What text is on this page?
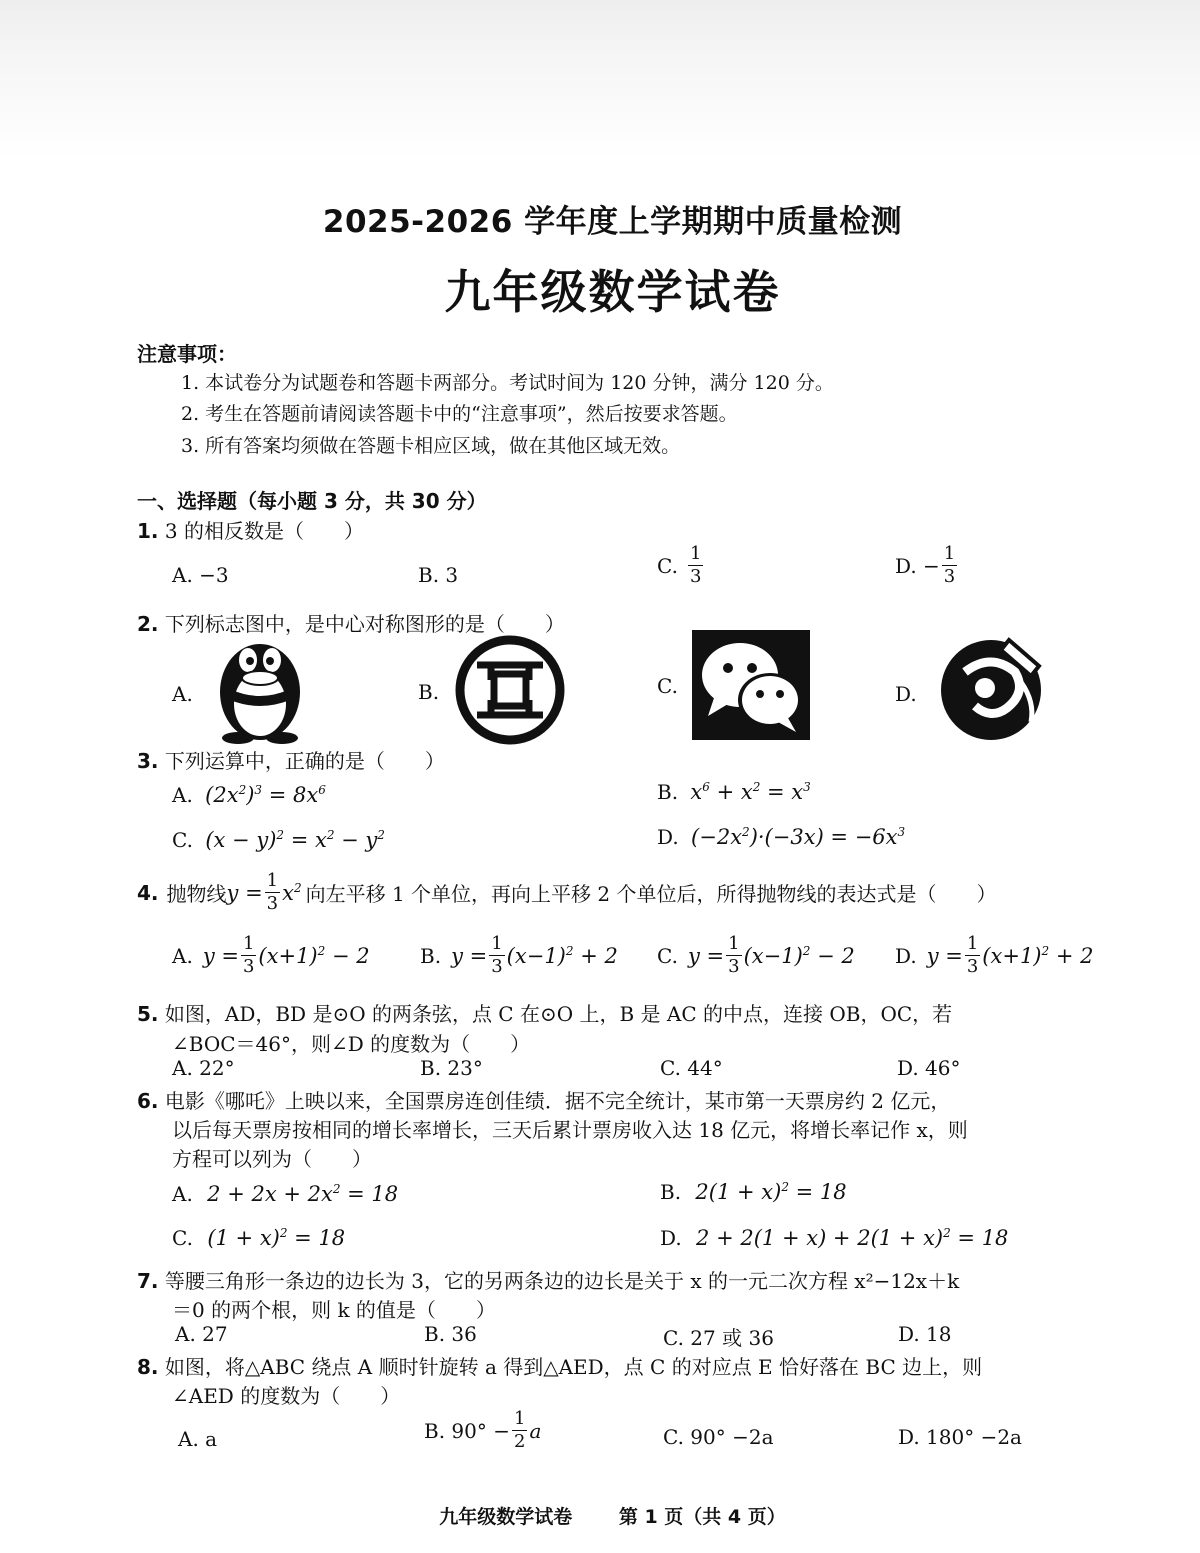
2025-2026 学年度上学期期中质量检测
九年级数学试卷
注意事项：
1. 本试卷分为试题卷和答题卡两部分。考试时间为 120 分钟，满分 120 分。
2. 考生在答题前请阅读答题卡中的“注意事项”，然后按要求答题。
3. 所有答案均须做在答题卡相应区域，做在其他区域无效。
一、选择题（每小题 3 分，共 30 分）
1. 3 的相反数是（　　）
A. −3	B. 3	C. $\frac{1}{3}$	D. − $\frac{1}{3}$
2. 下列标志图中，是中心对称图形的是（　　）
A.	B.	C.	D.
3. 下列运算中，正确的是（　　）
A. $(2x^2)^3 = 8x^6$	B. $x^6 + x^2 = x^3$
C. $(x - y)^2 = x^2 - y^2$	D. $(-2x^2)\cdot(-3x) = -6x^3$
4. 抛物线 $y = \frac{1}{3} x^2$ 向左平移 1 个单位，再向上平移 2 个单位后，所得抛物线的表达式是（　　）
A. $y = \frac{1}{3} (x+1)^2 - 2$	B. $y = \frac{1}{3} (x-1)^2 + 2$ C. $y = \frac{1}{3} (x-1)^2 - 2$ D. $y = \frac{1}{3} (x+1)^2 + 2$
5. 如图，AD，BD 是⊙O 的两条弦，点 C 在⊙O 上，B 是 AC 的中点，连接 OB，OC，若
∠BOC＝46°，则∠D 的度数为（　　）
A. 22°	B. 23°	C. 44°	D. 46°
6. 电影《哪吒》上映以来，全国票房连创佳绩．据不完全统计，某市第一天票房约 2 亿元，
以后每天票房按相同的增长率增长，三天后累计票房收入达 18 亿元，将增长率记作 x，则
方程可以列为（　　）
A. $2 + 2x + 2x^2 = 18$	B. $2(1 + x)^2 = 18$
C. $(1 + x)^2 = 18$	D. $2 + 2(1 + x) + 2(1 + x)^2 = 18$
7. 等腰三角形一条边的边长为 3，它的另两条边的边长是关于 x 的一元二次方程 x²−12x＋k
＝0 的两个根，则 k 的值是（　　）
A. 27	B. 36	C. 27 或 36	D. 18
8. 如图，将△ABC 绕点 A 顺时针旋转 a 得到△AED，点 C 的对应点 E 恰好落在 BC 边上，则
∠AED 的度数为（　　）
A. a	B. $90^\circ - \frac{1}{2}$ a	C. 90° −2a	D. 180° −2a
九年级数学试卷 第 1 页（共 4 页）
